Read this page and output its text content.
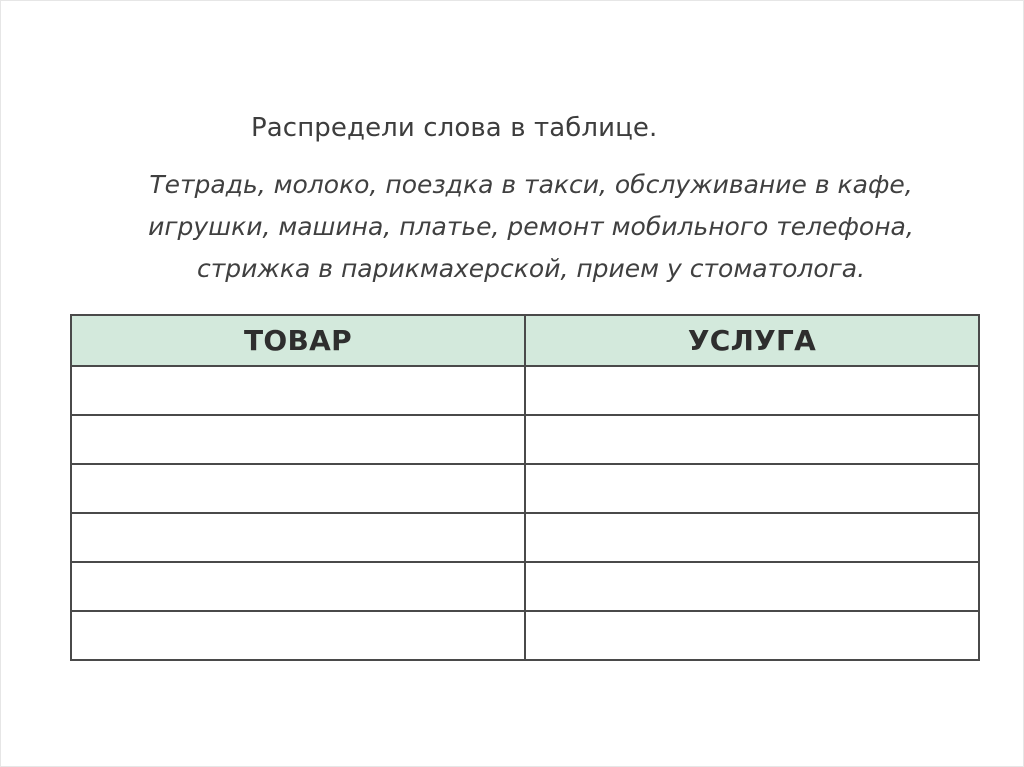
Распредели слова в таблице.
Тетрадь, молоко, поездка в такси, обслуживание в кафе,
игрушки, машина, платье, ремонт мобильного телефона,
стрижка в парикмахерской, прием у стоматолога.
ТОВАР	УСЛУГА
